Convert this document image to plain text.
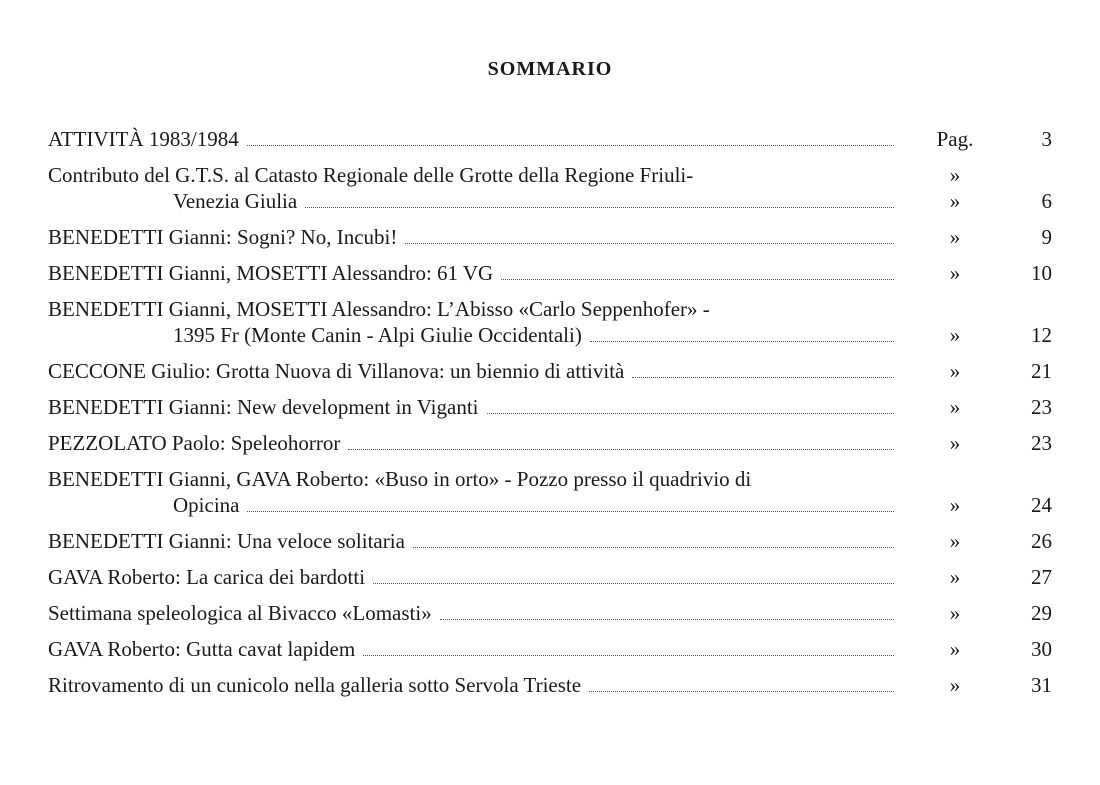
SOMMARIO
ATTIVITÀ 1983/1984	Pag.	3
Contributo del G.T.S. al Catasto Regionale delle Grotte della Regione Friuli-	»
Venezia Giulia	»	6
BENEDETTI Gianni: Sogni? No, Incubi!	»	9
BENEDETTI Gianni, MOSETTI Alessandro: 61 VG	»	10
BENEDETTI Gianni, MOSETTI Alessandro: L’Abisso «Carlo Seppenhofer» -
1395 Fr (Monte Canin - Alpi Giulie Occidentali)	»	12
CECCONE Giulio: Grotta Nuova di Villanova: un biennio di attività	»	21
BENEDETTI Gianni: New development in Viganti	»	23
PEZZOLATO Paolo: Speleohorror	»	23
BENEDETTI Gianni, GAVA Roberto: «Buso in orto» - Pozzo presso il quadrivio di
Opicina	»	24
BENEDETTI Gianni: Una veloce solitaria	»	26
GAVA Roberto: La carica dei bardotti	»	27
Settimana speleologica al Bivacco «Lomasti»	»	29
GAVA Roberto: Gutta cavat lapidem	»	30
Ritrovamento di un cunicolo nella galleria sotto Servola Trieste	»	31
